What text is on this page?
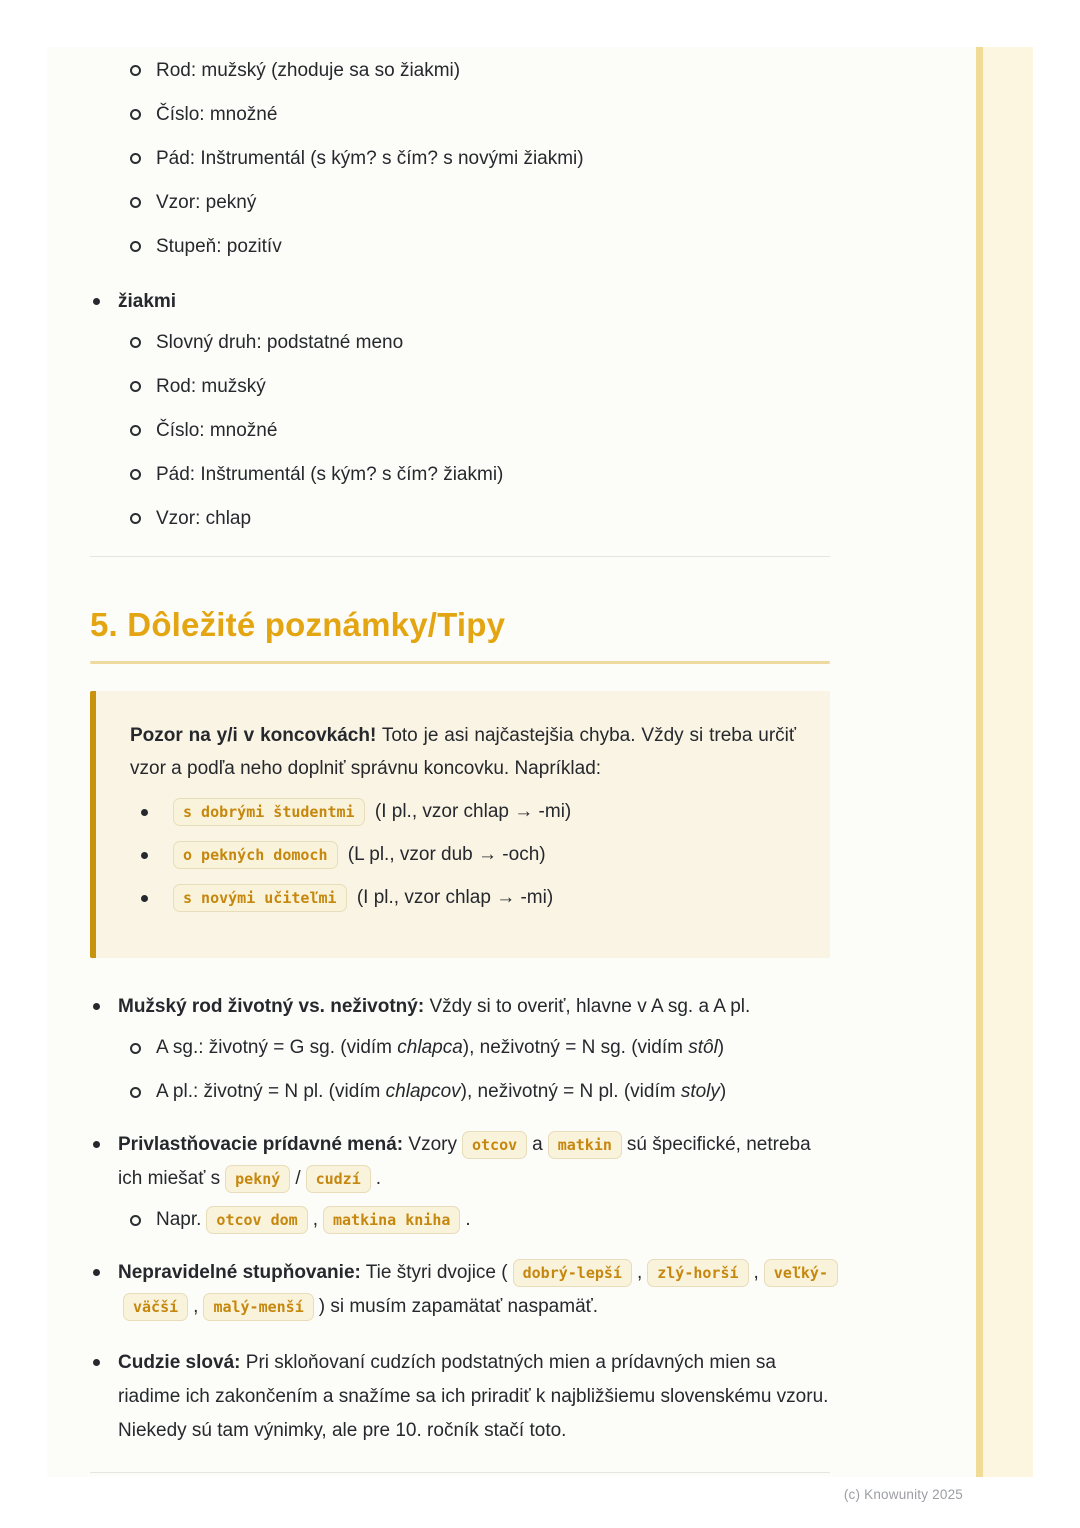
Rod: mužský (zhoduje sa so žiakmi)
Číslo: množné
Pád: Inštrumentál (s kým? s čím? s novými žiakmi)
Vzor: pekný
Stupeň: pozitív
žiakmi
Slovný druh: podstatné meno
Rod: mužský
Číslo: množné
Pád: Inštrumentál (s kým? s čím? žiakmi)
Vzor: chlap
5. Dôležité poznámky/Tipy

Pozor na y/i v koncovkách! Toto je asi najčastejšia chyba. Vždy si treba určiť vzor a podľa neho doplniť správnu koncovku. Napríklad:

s dobrými študentmi (I pl., vzor chlap → -mi)
o pekných domoch (L pl., vzor dub → -och)
s novými učiteľmi (I pl., vzor chlap → -mi)
Mužský rod životný vs. neživotný: Vždy si to overiť, hlavne v A sg. a A pl.
A sg.: životný = G sg. (vidím chlapca), neživotný = N sg. (vidím stôl)
A pl.: životný = N pl. (vidím chlapcov), neživotný = N pl. (vidím stoly)
Privlastňovacie prídavné mená: Vzory otcov a matkin sú špecifické, netreba ich miešať s pekný / cudzí .
Napr. otcov dom , matkina kniha .
Nepravidelné stupňovanie: Tie štyri dvojice ( dobrý-lepší , zlý-horší , veľký-väčší , malý-menší ) si musím zapamätať naspamäť.
Cudzie slová: Pri skloňovaní cudzích podstatných mien a prídavných mien sa riadime ich zakončením a snažíme sa ich priradiť k najbližšiemu slovenskému vzoru. Niekedy sú tam výnimky, ale pre 10. ročník stačí toto.
(c) Knowunity 2025
